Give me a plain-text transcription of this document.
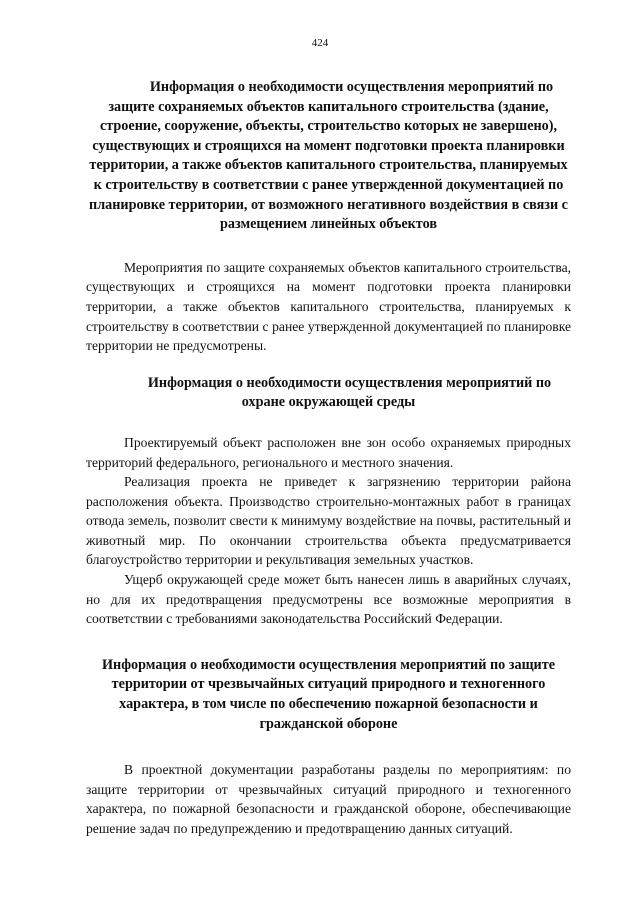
424
Информация о необходимости осуществления мероприятий по защите сохраняемых объектов капитального строительства (здание, строение, сооружение, объекты, строительство которых не завершено), существующих и строящихся на момент подготовки проекта планировки территории, а также объектов капитального строительства, планируемых к строительству в соответствии с ранее утвержденной документацией по планировке территории, от возможного негативного воздействия в связи с размещением линейных объектов

Мероприятия по защите сохраняемых объектов капитального строительства, существующих и строящихся на момент подготовки проекта планировки территории, а также объектов капитального строительства, планируемых к строительству в соответствии с ранее утвержденной документацией по планировке территории не предусмотрены.

Информация о необходимости осуществления мероприятий по охране окружающей среды

Проектируемый объект расположен вне зон особо охраняемых природных территорий федерального, регионального и местного значения.

Реализация проекта не приведет к загрязнению территории района расположения объекта. Производство строительно-монтажных работ в границах отвода земель, позволит свести к минимуму воздействие на почвы, растительный и животный мир. По окончании строительства объекта предусматривается благоустройство территории и рекультивация земельных участков.

Ущерб окружающей среде может быть нанесен лишь в аварийных случаях, но для их предотвращения предусмотрены все возможные мероприятия в соответствии с требованиями законодательства Российский Федерации.

Информация о необходимости осуществления мероприятий по защите территории от чрезвычайных ситуаций природного и техногенного характера, в том числе по обеспечению пожарной безопасности и гражданской обороне

В проектной документации разработаны разделы по мероприятиям: по защите территории от чрезвычайных ситуаций природного и техногенного характера, по пожарной безопасности и гражданской обороне, обеспечивающие решение задач по предупреждению и предотвращению данных ситуаций.
